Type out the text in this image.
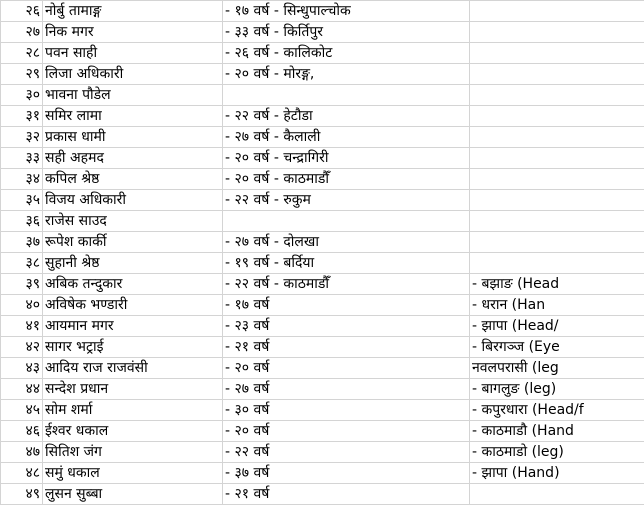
२६	नोर्बु तामाङ्ग	- १७ वर्ष - सिन्धुपाल्चोक	
२७	निक मगर	- ३३ वर्ष - किर्तिपुर	
२८	पवन साही	- २६ वर्ष - कालिकोट	
२९	लिजा अधिकारी	- २० वर्ष - मोरङ्ग,	
३०	भावना पौडेल		
३१	समिर लामा	- २२ वर्ष - हेटौडा	
३२	प्रकास धामी	- २७ वर्ष - कैलाली	
३३	सही अहमद	- २० वर्ष - चन्द्रागिरी	
३४	कपिल श्रेष्ठ	- २० वर्ष - काठमाडौँ	
३५	विजय अधिकारी	- २२ वर्ष - रुकुम	
३६	राजेस साउद		
३७	रूपेश कार्की	- २७ वर्ष - दोलखा	
३८	सुहानी श्रेष्ठ	- १९ वर्ष - बर्दिया	
३९	अबिक तन्दुकार	- २२ वर्ष - काठमाडौँ	- बझाङ (Head
४०	अविषेक भण्डारी	- १७ वर्ष	- धरान (Han
४१	आयमान मगर	- २३ वर्ष	- झापा (Head/
४२	सागर भट्राई	- २१ वर्ष	- बिरगञ्ज (Eye
४३	आदिय राज राजवंसी	- २० वर्ष	नवलपरासी (leg
४४	सन्देश प्रधान	- २७ वर्ष	- बागलुङ (leg)
४५	सोम शर्मा	- ३० वर्ष	- कपुरधारा (Head/f
४६	ईश्वर धकाल	- २० वर्ष	- काठमाडौ (Hand
४७	सितिश जंग	- २२ वर्ष	- काठमाडो (leg)
४८	समुं धकाल	- ३७ वर्ष	- झापा (Hand)
४९	लुसन सुब्बा	- २१ वर्ष	
